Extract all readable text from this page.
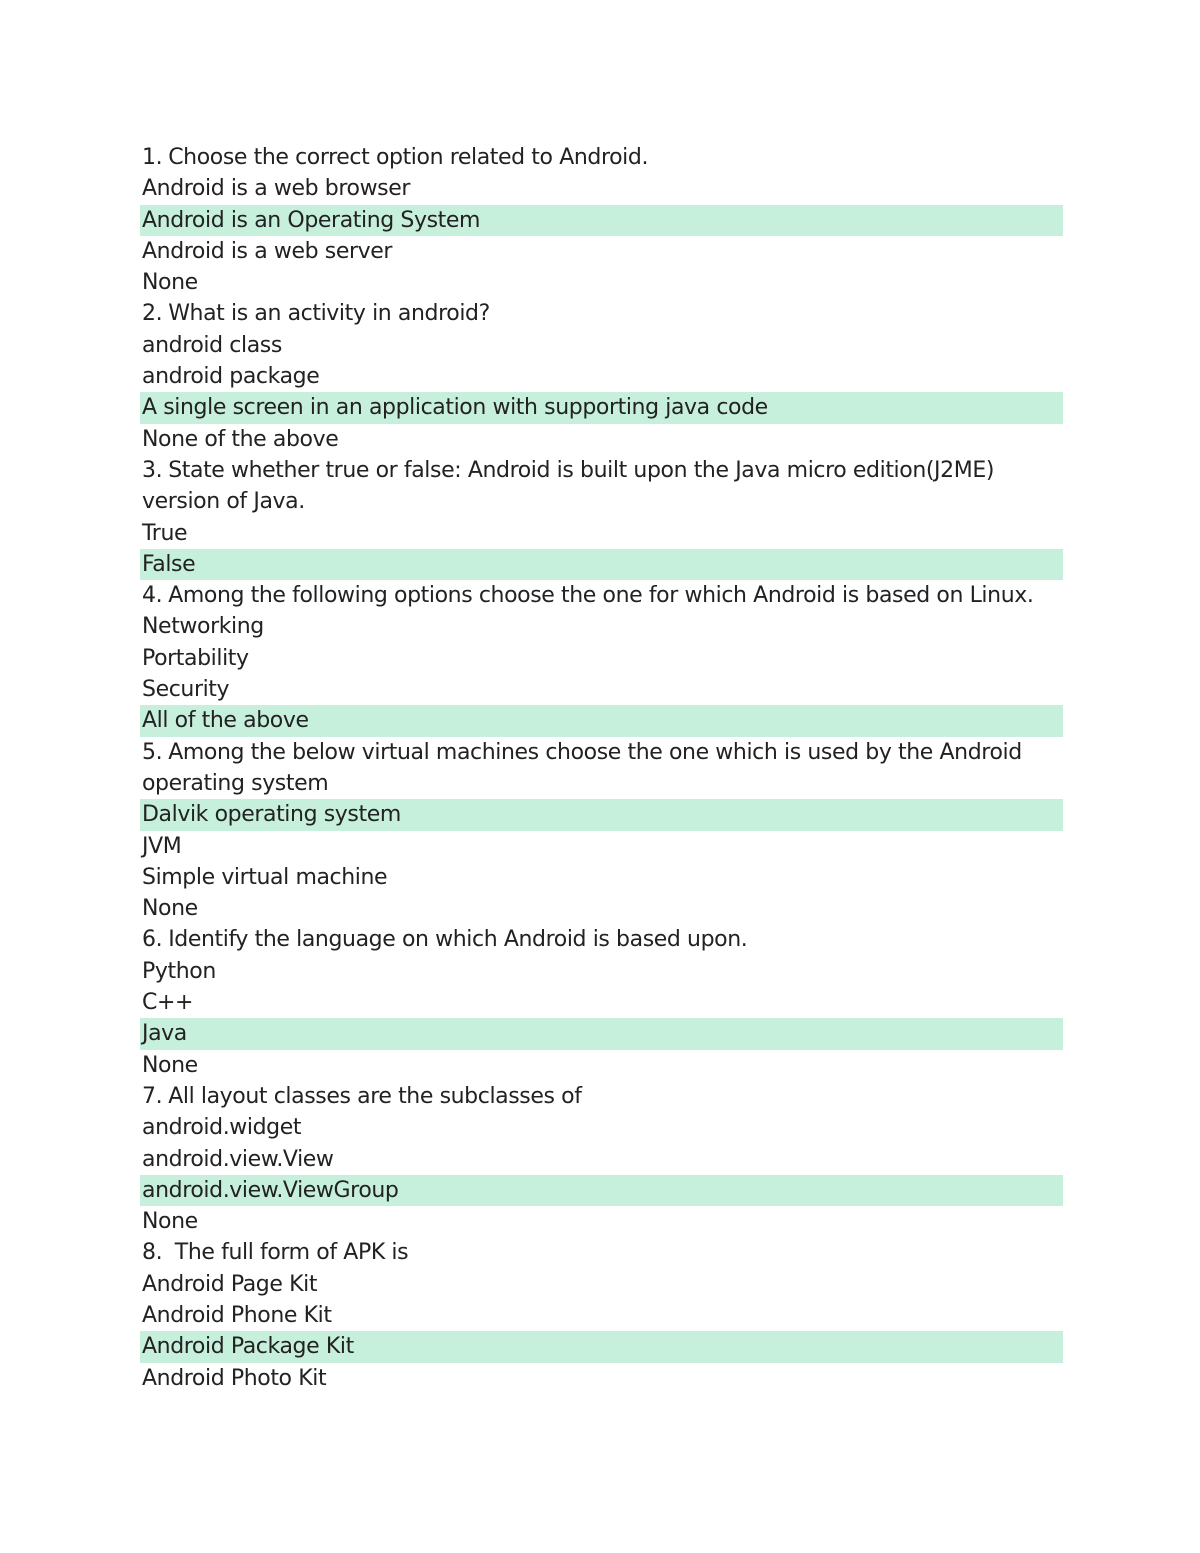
1. Choose the correct option related to Android.
Android is a web browser
Android is an Operating System
Android is a web server
None
2. What is an activity in android?
android class
android package
A single screen in an application with supporting java code
None of the above
3. State whether true or false: Android is built upon the Java micro edition(J2ME) version of Java.
True
False
4. Among the following options choose the one for which Android is based on Linux.
Networking
Portability
Security
All of the above
5. Among the below virtual machines choose the one which is used by the Android operating system
Dalvik operating system
JVM
Simple virtual machine
None
6. Identify the language on which Android is based upon.
Python
C++
Java
None
7. All layout classes are the subclasses of
android.widget
android.view.View
android.view.ViewGroup
None
8. The full form of APK is
Android Page Kit
Android Phone Kit
Android Package Kit
Android Photo Kit
